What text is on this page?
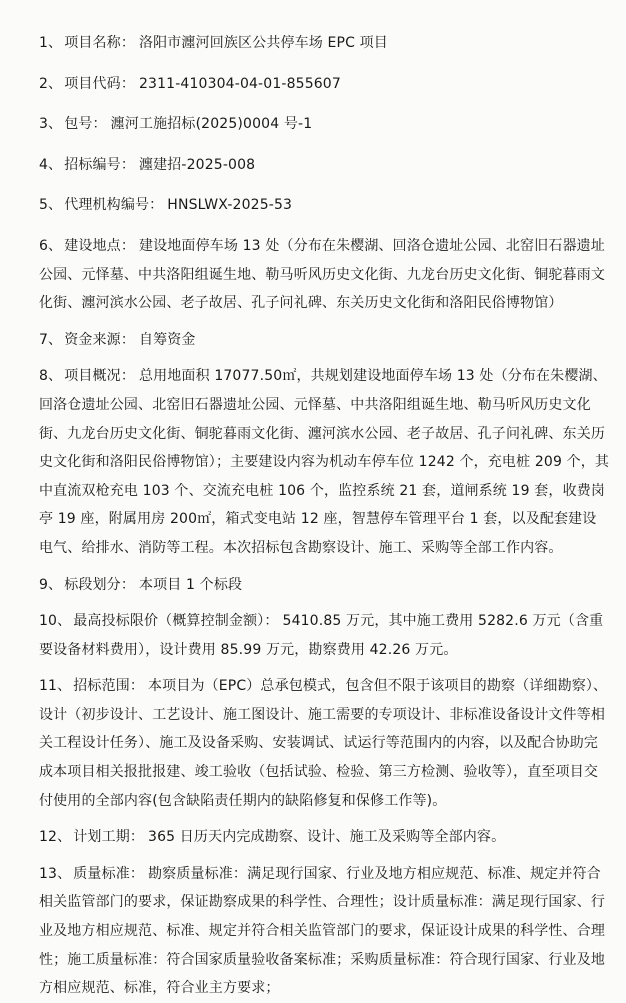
1、 项目名称： 洛阳市瀍河回族区公共停车场 EPC 项目

2、 项目代码： 2311-410304-04-01-855607

3、 包号： 瀍河工施招标(2025)0004 号-1

4、 招标编号： 瀍建招-2025-008

5、 代理机构编号： HNSLWX-2025-53

6、 建设地点： 建设地面停车场 13 处（分布在朱樱湖、回洛仓遗址公园、北窑旧石器遗址公园、元怿墓、中共洛阳组诞生地、勒马听风历史文化街、九龙台历史文化街、铜驼暮雨文化街、瀍河滨水公园、老子故居、孔子问礼碑、东关历史文化街和洛阳民俗博物馆）

7、 资金来源： 自筹资金

8、 项目概况： 总用地面积 17077.50㎡，共规划建设地面停车场 13 处（分布在朱樱湖、回洛仓遗址公园、北窑旧石器遗址公园、元怿墓、中共洛阳组诞生地、勒马听风历史文化街、九龙台历史文化街、铜驼暮雨文化街、瀍河滨水公园、老子故居、孔子问礼碑、东关历史文化街和洛阳民俗博物馆）；主要建设内容为机动车停车位 1242 个，充电桩 209 个，其中直流双枪充电 103 个、交流充电桩 106 个，监控系统 21 套，道闸系统 19 套，收费岗亭 19 座，附属用房 200㎡，箱式变电站 12 座，智慧停车管理平台 1 套，以及配套建设电气、给排水、消防等工程。本次招标包含勘察设计、施工、采购等全部工作内容。

9、 标段划分： 本项目 1 个标段

10、 最高投标限价（概算控制金额）： 5410.85 万元，其中施工费用 5282.6 万元（含重要设备材料费用），设计费用 85.99 万元，勘察费用 42.26 万元。

11、 招标范围： 本项目为（EPC）总承包模式，包含但不限于该项目的勘察（详细勘察）、设计（初步设计、工艺设计、施工图设计、施工需要的专项设计、非标准设备设计文件等相关工程设计任务）、施工及设备采购、安装调试、试运行等范围内的内容，以及配合协助完成本项目相关报批报建、竣工验收（包括试验、检验、第三方检测、验收等），直至项目交付使用的全部内容(包含缺陷责任期内的缺陷修复和保修工作等)。

12、 计划工期： 365 日历天内完成勘察、设计、施工及采购等全部内容。

13、 质量标准： 勘察质量标准：满足现行国家、行业及地方相应规范、标准、规定并符合相关监管部门的要求，保证勘察成果的科学性、合理性；设计质量标准：满足现行国家、行业及地方相应规范、标准、规定并符合相关监管部门的要求，保证设计成果的科学性、合理性；施工质量标准：符合国家质量验收备案标准；采购质量标准：符合现行国家、行业及地方相应规范、标准，符合业主方要求；
